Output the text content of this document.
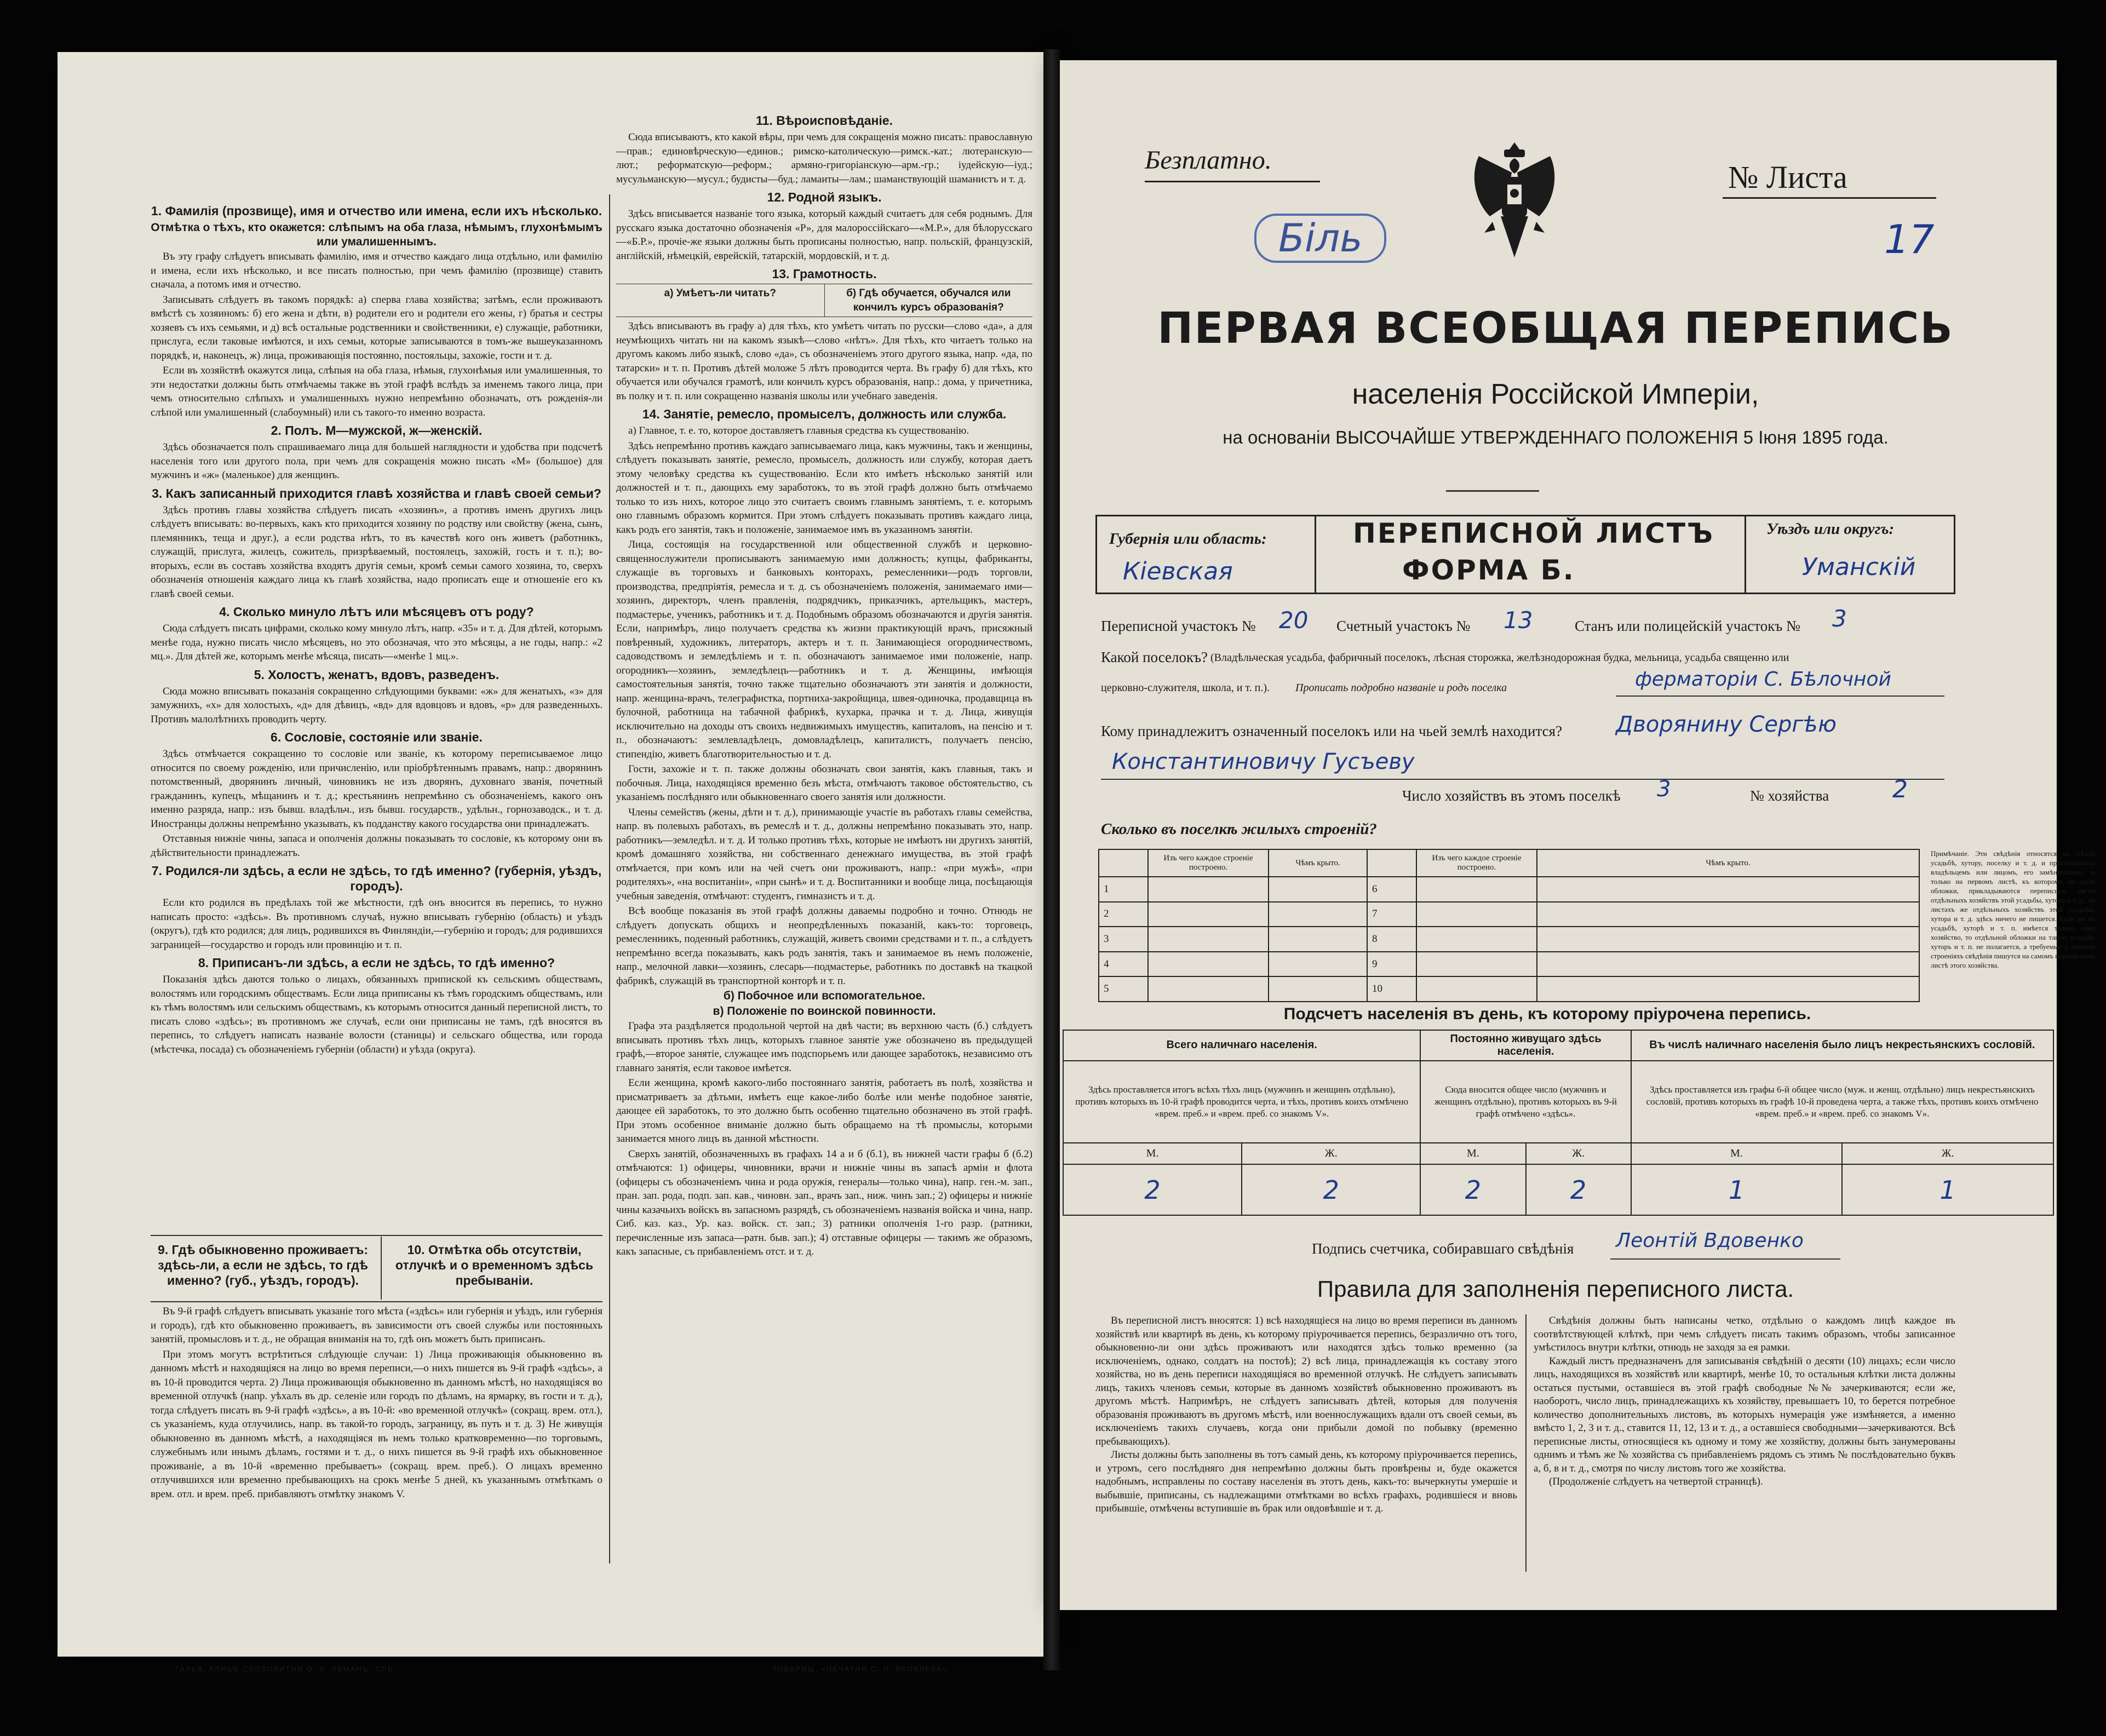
1. Фамилія (прозвище), имя и отчество или имена, если ихъ нѣсколько.

Отмѣтка о тѣхъ, кто окажется: слѣпымъ на оба глаза, нѣмымъ, глухонѣмымъ или умалишеннымъ.

Въ эту графу слѣдуетъ вписывать фамилію, имя и отчество каждаго лица отдѣльно, или фамилію и имена, если ихъ нѣсколько, и все писать полностью, при чемъ фамилію (прозвище) ставить сначала, а потомъ имя и отчество.

Записывать слѣдуетъ въ такомъ порядкѣ: а) сперва глава хозяйства; затѣмъ, если проживаютъ вмѣстѣ съ хозяиномъ: б) его жена и дѣти, в) родители его и родители его жены, г) братья и сестры хозяевъ съ ихъ семьями, и д) всѣ остальные родственники и свойственники, е) служащіе, работники, прислуга, если таковые имѣются, и ихъ семьи, которые записываются в томъ-же вышеуказанномъ порядкѣ, и, наконецъ, ж) лица, проживающія постоянно, постояльцы, захожіе, гости и т. д.

Если въ хозяйствѣ окажутся лица, слѣпыя на оба глаза, нѣмыя, глухонѣмыя или умалишенныя, то эти недостатки должны быть отмѣчаемы также въ этой графѣ вслѣдъ за именемъ такого лица, при чемъ относительно слѣпыхъ и умалишенныхъ нужно непремѣнно обозначать, отъ рожденія-ли слѣпой или умалишенный (слабоумный) или съ такого-то именно возраста.

2. Полъ. М—мужской, ж—женскій.

Здѣсь обозначается полъ спрашиваемаго лица для большей наглядности и удобства при подсчетѣ населенія того или другого пола, при чемъ для сокращенія можно писать «М» (большое) для мужчинъ и «ж» (маленькое) для женщинъ.

3. Какъ записанный приходится главѣ хозяйства и главѣ своей семьи?

Здѣсь противъ главы хозяйства слѣдуетъ писать «хозяинъ», а противъ именъ другихъ лицъ слѣдуетъ вписывать: во-первыхъ, какъ кто приходится хозяину по родству или свойству (жена, сынъ, племянникъ, теща и друг.), а если родства нѣтъ, то въ качествѣ кого онъ живетъ (работникъ, служащій, прислуга, жилецъ, сожитель, призрѣваемый, постоялецъ, захожій, гость и т. п.); во-вторыхъ, если въ составъ хозяйства входятъ другія семьи, кромѣ семьи самого хозяина, то, сверхъ обозначенія отношенія каждаго лица къ главѣ хозяйства, надо прописать еще и отношеніе его къ главѣ своей семьи.

4. Сколько минуло лѣтъ или мѣсяцевъ отъ роду?

Сюда слѣдуетъ писать цифрами, сколько кому минуло лѣтъ, напр. «35» и т. д. Для дѣтей, которымъ менѣе года, нужно писать число мѣсяцевъ, но это обозначая, что это мѣсяцы, а не годы, напр.: «2 мц.». Для дѣтей же, которымъ менѣе мѣсяца, писать—«менѣе 1 мц.».

5. Холостъ, женатъ, вдовъ, разведенъ.

Сюда можно вписывать показанія сокращенно слѣдующими буквами: «ж» для женатыхъ, «з» для замужнихъ, «х» для холостыхъ, «д» для дѣвицъ, «вд» для вдовцовъ и вдовъ, «р» для разведенныхъ. Противъ малолѣтнихъ проводить черту.

6. Сословіе, состояніе или званіе.

Здѣсь отмѣчается сокращенно то сословіе или званіе, къ которому переписываемое лицо относится по своему рожденію, или причисленію, или пріобрѣтеннымъ правамъ, напр.: дворянинъ потомственный, дворянинъ личный, чиновникъ не изъ дворянъ, духовнаго званія, почетный гражданинъ, купецъ, мѣщанинъ и т. д.; крестьянинъ непремѣнно съ обозначеніемъ, какого онъ именно разряда, напр.: изъ бывш. владѣльч., изъ бывш. государств., удѣльн., горнозаводск., и т. д. Иностранцы должны непремѣнно указывать, къ подданству какого государства они принадлежатъ.

Отставныя нижніе чины, запаса и ополченія должны показывать то сословіе, къ которому они въ дѣйствительности принадлежатъ.

7. Родился-ли здѣсь, а если не здѣсь, то гдѣ именно? (губернія, уѣздъ, городъ).

Если кто родился въ предѣлахъ той же мѣстности, гдѣ онъ вносится въ перепись, то нужно написать просто: «здѣсь». Въ противномъ случаѣ, нужно вписывать губернію (область) и уѣздъ (округъ), гдѣ кто родился; для лицъ, родившихся въ Финляндіи,—губернію и городъ; для родившихся заграницей—государство и городъ или провинцію и т. п.

8. Приписанъ-ли здѣсь, а если не здѣсь, то гдѣ именно?

Показанія здѣсь даются только о лицахъ, обязанныхъ припиской къ сельскимъ обществамъ, волостямъ или городскимъ обществамъ. Если лица приписаны къ тѣмъ городскимъ обществамъ, или къ тѣмъ волостямъ или сельскимъ обществамъ, къ которымъ относится данный переписной листъ, то писать слово «здѣсь»; въ противномъ же случаѣ, если они приписаны не тамъ, гдѣ вносятся въ перепись, то слѣдуетъ написать названіе волости (станицы) и сельскаго общества, или города (мѣстечка, посада) съ обозначеніемъ губерніи (области) и уѣзда (округа).

9. Гдѣ обыкновенно проживаетъ: здѣсь-ли, а если не здѣсь, то гдѣ именно? (губ., уѣздъ, городъ).
10. Отмѣтка обь отсутствіи, отлучкѣ и о временномъ здѣсь пребываніи.

Въ 9-й графѣ слѣдуетъ вписывать указаніе того мѣста («здѣсь» или губернія и уѣздъ, или губернія и городъ), гдѣ кто обыкновенно проживаетъ, въ зависимости отъ своей службы или постоянныхъ занятій, промысловъ и т. д., не обращая вниманія на то, гдѣ онъ можетъ быть приписанъ.

При этомъ могутъ встрѣтиться слѣдующіе случаи: 1) Лица проживающія обыкновенно въ данномъ мѣстѣ и находящіяся на лицо во время переписи,—о нихъ пишется въ 9-й графѣ «здѣсь», а въ 10-й проводится черта. 2) Лица проживающія обыкновенно въ данномъ мѣстѣ, но находящіяся во временной отлучкѣ (напр. уѣхалъ въ др. селеніе или городъ по дѣламъ, на ярмарку, въ гости и т. д.), тогда слѣдуетъ писать въ 9-й графѣ «здѣсь», а въ 10-й: «во временной отлучкѣ» (сокращ. врем. отл.), съ указаніемъ, куда отлучились, напр. въ такой-то городъ, заграницу, въ путь и т. д. 3) Не живущія обыкновенно въ данномъ мѣстѣ, а находящіяся въ немъ только кратковременно—по торговымъ, служебнымъ или инымъ дѣламъ, гостями и т. д., о нихъ пишется въ 9-й графѣ ихъ обыкновенное проживаніе, а въ 10-й «временно пребываетъ» (сокращ. врем. преб.). О лицахъ временно отлучившихся или временно пребывающихъ на срокъ менѣе 5 дней, къ указаннымъ отмѣткамъ о врем. отл. и врем. преб. прибавляютъ отмѣтку знакомъ V.

11. Вѣроисповѣданіе.

Сюда вписываютъ, кто какой вѣры, при чемъ для сокращенія можно писать: православную—прав.; единовѣрческую—единов.; римско-католическую—римск.-кат.; лютеранскую—лют.; реформатскую—реформ.; армяно-григоріанскую—арм.-гр.; іудейскую—іуд.; мусульманскую—мусул.; будисты—буд.; ламаиты—лам.; шаманствующій шаманистъ и т. д.

12. Родной языкъ.

Здѣсь вписывается названіе того языка, который каждый считаетъ для себя роднымъ. Для русскаго языка достаточно обозначенія «Р», для малороссійскаго—«М.Р.», для бѣлорусскаго—«Б.Р.», прочіе-же языки должны быть прописаны полностью, напр. польскій, французскій, англійскій, нѣмецкій, еврейскій, татарскій, мордовскій, и т. д.

13. Грамотность.
а) Умѣетъ-ли читать?	б) Гдѣ обучается, обучался или кончилъ курсъ образованія?

Здѣсь вписываютъ въ графу а) для тѣхъ, кто умѣетъ читать по русски—слово «да», а для неумѣющихъ читать ни на какомъ языкѣ—слово «нѣтъ». Для тѣхъ, кто читаетъ только на другомъ какомъ либо языкѣ, слово «да», съ обозначеніемъ этого другого языка, напр. «да, по татарски» и т. п. Противъ дѣтей моложе 5 лѣтъ проводится черта. Въ графу б) для тѣхъ, кто обучается или обучался грамотѣ, или кончилъ курсъ образованія, напр.: дома, у причетника, въ полку и т. п. или сокращенно названія школы или учебнаго заведенія.

14. Занятіе, ремесло, промыселъ, должность или служба.

а) Главное, т. е. то, которое доставляетъ главныя средства къ существованію.

Здѣсь непремѣнно противъ каждаго записываемаго лица, какъ мужчины, такъ и женщины, слѣдуетъ показывать занятіе, ремесло, промыселъ, должность или службу, которая даетъ этому человѣку средства къ существованію. Если кто имѣетъ нѣсколько занятій или должностей и т. п., дающихъ ему заработокъ, то въ этой графѣ должно быть отмѣчаемо только то изъ нихъ, которое лицо это считаетъ своимъ главнымъ занятіемъ, т. е. которымъ оно главнымъ образомъ кормится. При этомъ слѣдуетъ показывать противъ каждаго лица, какъ родъ его занятія, такъ и положеніе, занимаемое имъ въ указанномъ занятіи.

Лица, состоящія на государственной или общественной службѣ и церковно-священнослужители прописываютъ занимаемую ими должность; купцы, фабриканты, служащіе въ торговыхъ и банковыхъ конторахъ, ремесленники—родъ торговли, производства, предпріятія, ремесла и т. д. съ обозначеніемъ положенія, занимаемаго ими—хозяинъ, директоръ, членъ правленія, подрядчикъ, приказчикъ, артельщикъ, мастеръ, подмастерье, ученикъ, работникъ и т. д. Подобнымъ образомъ обозначаются и другія занятія. Если, напримѣръ, лицо получаетъ средства къ жизни практикующій врачъ, присяжный повѣренный, художникъ, литераторъ, актеръ и т. п. Занимающіеся огородничествомъ, садоводствомъ и земледѣліемъ и т. п. обозначаютъ занимаемое ими положеніе, напр. огородникъ—хозяинъ, земледѣлецъ—работникъ и т. д. Женщины, имѣющія самостоятельныя занятія, точно также тщательно обозначаютъ эти занятія и должности, напр. женщина-врачъ, телеграфистка, портниха-закройщица, швея-одиночка, продавщица въ булочной, работница на табачной фабрикѣ, кухарка, прачка и т. д. Лица, живущія исключительно на доходы отъ своихъ недвижимыхъ имуществъ, капиталовъ, на пенсію и т. п., обозначаютъ: землевладѣлецъ, домовладѣлецъ, капиталистъ, получаетъ пенсію, стипендію, живетъ благотворительностью и т. д.

Гости, захожіе и т. п. также должны обозначать свои занятія, какъ главныя, такъ и побочныя. Лица, находящіяся временно безъ мѣста, отмѣчаютъ таковое обстоятельство, съ указаніемъ послѣдняго или обыкновеннаго своего занятія или должности.

Члены семействъ (жены, дѣти и т. д.), принимающіе участіе въ работахъ главы семейства, напр. въ полевыхъ работахъ, въ ремеслѣ и т. д., должны непремѣнно показывать это, напр. работникъ—земледѣл. и т. д. И только противъ тѣхъ, которые не имѣютъ ни другихъ занятій, кромѣ домашняго хозяйства, ни собственнаго денежнаго имущества, въ этой графѣ отмѣчается, при комъ или на чей счетъ они проживаютъ, напр.: «при мужѣ», «при родителяхъ», «на воспитаніи», «при сынѣ» и т. д. Воспитанники и вообще лица, посѣщающія учебныя заведенія, отмѣчают: студентъ, гимназистъ и т. д.

Всѣ вообще показанія въ этой графѣ должны даваемы подробно и точно. Отнюдь не слѣдуетъ допускать общихъ и неопредѣленныхъ показаній, какъ-то: торговецъ, ремесленникъ, поденный работникъ, служащій, живетъ своими средствами и т. п., а слѣдуетъ непремѣнно всегда показывать, какъ родъ занятія, такъ и занимаемое въ немъ положеніе, напр., мелочной лавки—хозяинъ, слесарь—подмастерье, работникъ по доставкѣ на ткацкой фабрикѣ, служащій въ транспортной конторѣ и т. п.

б) Побочное или вспомогательное.

в) Положеніе по воинской повинности.

Графа эта раздѣляется продольной чертой на двѣ части; въ верхнюю часть (б.) слѣдуетъ вписывать противъ тѣхъ лицъ, которыхъ главное занятіе уже обозначено въ предыдущей графѣ,—второе занятіе, служащее имъ подспорьемъ или дающее заработокъ, независимо отъ главнаго занятія, если таковое имѣется.

Если женщина, кромѣ какого-либо постояннаго занятія, работаетъ въ полѣ, хозяйства и присматриваетъ за дѣтьми, имѣетъ еще какое-либо болѣе или менѣе подобное занятіе, дающее ей заработокъ, то это должно быть особенно тщательно обозначено въ этой графѣ. При этомъ особенное вниманіе должно быть обращаемо на тѣ промыслы, которыми занимается много лицъ въ данной мѣстности.

Сверхъ занятій, обозначенныхъ въ графахъ 14 а и б (б.1), въ нижней части графы б (б.2) отмѣчаются: 1) офицеры, чиновники, врачи и нижніе чины въ запасѣ армiи и флота (офицеры съ обозначеніемъ чина и рода оружія, генералы—только чина), напр. ген.-м. зап., пран. зап. рода, подп. зап. кав., чиновн. зап., врачъ зап., ниж. чинъ зап.; 2) офицеры и нижніе чины казачьихъ войскъ въ запасномъ разрядѣ, съ обозначеніемъ названія войска и чина, напр. Сиб. каз. каз., Ур. каз. войск. ст. зап.; 3) ратники ополченія 1-го разр. (ратники, перечисленные изъ запаса—ратн. быв. зап.); 4) отставные офицеры — такимъ же образомъ, какъ запасные, съ прибавленіемъ отст. и т. д.

ГАЛЬВ. КЛИШЕ СЛОВОЛИТНИ О. И. ЛЕМАНЪ, СПБ.	ТОВАРИЩ. «ПЕЧАТНЯ С. П. ЯКОВЛЕВА».
Безплатно.	№ Листа
ПЕРВАЯ ВСЕОБЩАЯ ПЕРЕПИСЬ
населенія Россійской Имперіи,
на основаніи ВЫСОЧАЙШЕ УТВЕРЖДЕННАГО ПОЛОЖЕНІЯ 5 Іюня 1895 года.
Губернія или область:	ПЕРЕПИСНОЙ ЛИСТЪ
ФОРМА Б.
Уѣздъ или округъ:
Кіевская	Уманскій
Переписной участокъ № 20 Счетный участокъ № 13	Станъ или полицейскій участокъ № 3
Какой поселокъ? (Владѣльческая усадьба, фабричный поселокъ, лѣсная сторожка, желѣзнодорожная будка, мельница, усадьба священно или
церковно-служителя, школа, и т. п.). Прописать подробно названіе и родъ поселка	ферматоріи С. Бѣлочной
Кому принадлежитъ означенный поселокъ или на чьей землѣ находится? Дворянину Сергѣю
Константиновичу Гусъеву
Число хозяйствъ въ этомъ поселкѣ 3	№ хозяйства	2
Сколько въ поселкѣ жилыхъ строеній?
	Изъ чего каждое строеніе построено.	Чѣмъ крыто.		Изъ чего каждое строеніе построено.	Чѣмъ крыто.
1			6		
2			7		
3			8		
4			9		
5			10		
Примѣчаніе. Эти свѣдѣнія относятся къ цѣлой усадьбѣ, хутору, поселку и т. д. и проставляются владѣльцемъ или лицомъ, его замѣняющимъ, и только на первомъ листѣ, къ которому, въ видѣ обложки, прикладываются переписные листы отдѣльныхъ хозяйствъ этой усадьбы, хутора и т. д.; на листахъ же отдѣльныхъ хозяйствъ этой усадьбы, хутора и т. д. здѣсь ничего не пишется. Если же въ усадьбѣ, хуторѣ и т. п. имѣется только одно хозяйство, то отдѣльной обложки на такую усадьбу, хуторъ и т. п. не полагается, а требуемые о жилыхъ строеніяхъ свѣдѣнія пишутся на самомъ переписномъ листѣ этого хозяйства.
Подсчетъ населенія въ день, къ которому пріурочена перепись.
Всего наличнаго населенія.		Постоянно живущаго здѣсь населенія.		Въ числѣ наличнаго населенія было лицъ некрестьянскихъ сословій.	
Здѣсь проставляется итогъ всѣхъ тѣхъ лицъ (мужчинъ и женщинъ отдѣльно), противъ которыхъ въ 10-й графѣ проводится черта, и тѣхъ, противъ коихъ отмѣчено «врем. преб.» и «врем. преб. со знакомъ V».		Сюда вносится общее число (мужчинъ и женщинъ отдѣльно), противъ которыхъ въ 9-й графѣ отмѣчено «здѣсь».		Здѣсь проставляется изъ графы 6-й общее число (муж. и женщ. отдѣльно) лицъ некрестьянскихъ сословій, противъ которыхъ въ графѣ 10-й проведена черта, а также тѣхъ, противъ коихъ отмѣчено «врем. преб.» и «врем. преб. со знакомъ V».	
М.	Ж.	М.	Ж.	М.	Ж.
2	2	2	2	1	1
Подпись счетчика, собиравшаго свѣдѣнія Леонтій Вдовенко
Правила для заполненія переписного листа.

Въ переписной листъ вносятся: 1) всѣ находящіеся на лицо во время переписи въ данномъ хозяйствѣ или квартирѣ въ день, къ которому пріурочивается перепись, безразлично отъ того, обыкновенно-ли они здѣсь проживаютъ или находятся здѣсь только временно (за исключеніемъ, однако, солдатъ на постоѣ); 2) всѣ лица, принадлежащія къ составу этого хозяйства, но въ день переписи находящіяся во временной отлучкѣ. Не слѣдуетъ записывать лицъ, такихъ членовъ семьи, которые въ данномъ хозяйствѣ обыкновенно проживаютъ въ другомъ мѣстѣ. Напримѣръ, не слѣдуетъ записывать дѣтей, которыя для полученія образованія проживаютъ въ другомъ мѣстѣ, или военнослужащихъ вдали отъ своей семьи, въ исключеніемъ такихъ случаевъ, когда они прибыли домой по побывку (временно пребывающихъ).

Листы должны быть заполнены въ тотъ самый день, къ которому пріурочивается перепись, и утромъ, сего послѣдняго дня непремѣнно должны быть провѣрены и, буде окажется надобнымъ, исправлены по составу населенія въ этотъ день, какъ-то: вычеркнуты умершіе и выбывшіе, приписаны, съ надлежащими отмѣтками во всѣхъ графахъ, родившіеся и вновь прибывшіе, отмѣчены вступившіе въ брак или овдовѣвшіе и т. д.

Свѣдѣнія должны быть написаны четко, отдѣльно о каждомъ лицѣ каждое въ соотвѣтствующей клѣткѣ, при чемъ слѣдуетъ писать такимъ образомъ, чтобы записанное умѣстилось внутри клѣтки, отнюдь не заходя за ея рамки.

Каждый листъ предназначенъ для записыванія свѣдѣній о десяти (10) лицахъ; если число лицъ, находящихся въ хозяйствѣ или квартирѣ, менѣе 10, то остальныя клѣтки листа должны остаться пустыми, оставшіеся въ этой графѣ свободные №№ зачеркиваются; если же, наоборотъ, число лицъ, принадлежащихъ къ хозяйству, превышаетъ 10, то берется потребное количество дополнительныхъ листовъ, въ которыхъ нумерація уже измѣняется, а именно вмѣсто 1, 2, 3 и т. д., ставится 11, 12, 13 и т. д., а оставшіеся свободными—зачеркиваются. Всѣ переписные листы, относящіеся къ одному и тому же хозяйству, должны быть занумерованы однимъ и тѣмъ же № хозяйства съ прибавленіемъ рядомъ съ этимъ № послѣдовательно буквъ а, б, в и т. д., смотря по числу листовъ того же хозяйства.

(Продолженіе слѣдуетъ на четвертой страницѣ).

Біль	17
